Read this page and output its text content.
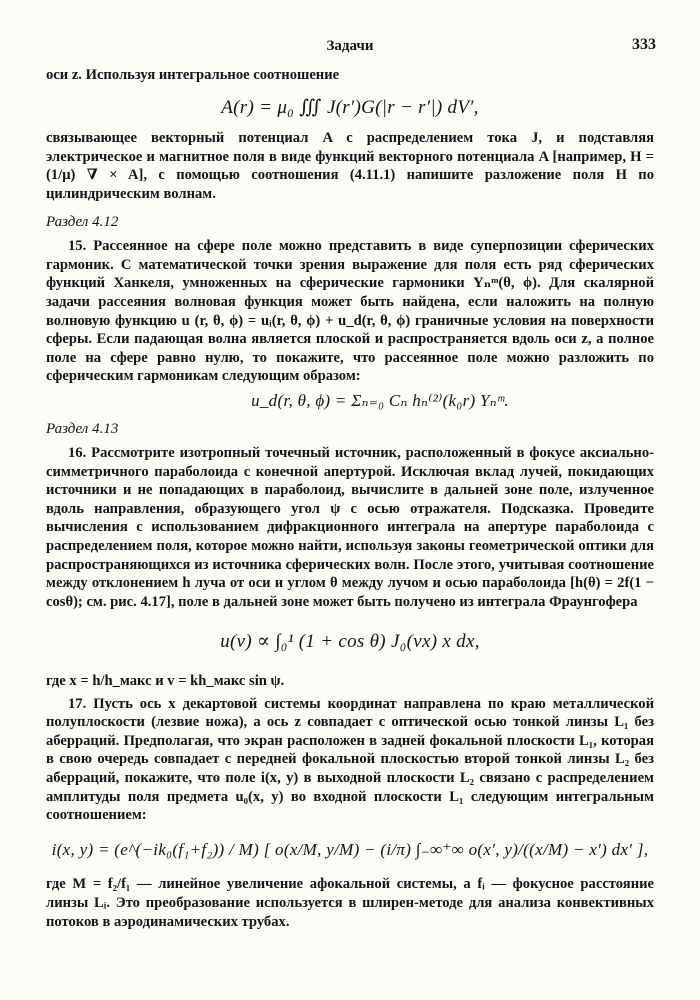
Задачи	333

оси z. Используя интегральное соотношение

A(r) = μ₀ ∭ J(r′)G(|r − r′|) dV′,

связывающее векторный потенциал A с распределением тока J, и подставляя электрическое и магнитное поля в виде функций векторного потенциала A [например, H = (1/μ) ∇ × A], с помощью соотношения (4.11.1) напишите разложение поля H по цилиндрическим волнам.

Раздел 4.12

15. Рассеянное на сфере поле можно представить в виде суперпозиции сферических гармоник. С математической точки зрения выражение для поля есть ряд сферических функций Ханкеля, умноженных на сферические гармоники Yₙᵐ(θ, ϕ). Для скалярной задачи рассеяния волновая функция может быть найдена, если наложить на полную волновую функцию u (r, θ, ϕ) = uᵢ(r, θ, ϕ) + u_d(r, θ, ϕ) граничные условия на поверхности сферы. Если падающая волна является плоской и распространяется вдоль оси z, а полное поле на сфере равно нулю, то покажите, что рассеянное поле можно разложить по сферическим гармоникам следующим образом:

u_d(r, θ, ϕ) = Σₙ₌₀ Cₙ hₙ⁽²⁾(k₀r) Yₙᵐ.

Раздел 4.13

16. Рассмотрите изотропный точечный источник, расположенный в фокусе аксиально-симметричного параболоида с конечной апертурой. Исключая вклад лучей, покидающих источники и не попадающих в параболоид, вычислите в дальней зоне поле, излученное вдоль направления, образующего угол ψ с осью отражателя. Подсказка. Проведите вычисления с использованием дифракционного интеграла на апертуре параболоида с распределением поля, которое можно найти, используя законы геометрической оптики для распространяющихся из источника сферических волн. После этого, учитывая соотношение между отклонением h луча от оси и углом θ между лучом и осью параболоида [h(θ) = 2f(1 − cosθ); см. рис. 4.17], поле в дальней зоне может быть получено из интеграла Фраунгофера

u(v) ∝ ∫₀¹ (1 + cos θ) J₀(vx) x dx,

где x = h/h_макс и v = kh_макс sin ψ.

17. Пусть ось x декартовой системы координат направлена по краю металлической полуплоскости (лезвие ножа), а ось z совпадает с оптической осью тонкой линзы L₁ без аберраций. Предполагая, что экран расположен в задней фокальной плоскости L₁, которая в свою очередь совпадает с передней фокальной плоскостью второй тонкой линзы L₂ без аберраций, покажите, что поле i(x, y) в выходной плоскости L₂ связано с распределением амплитуды поля предмета u₀(x, y) во входной плоскости L₁ следующим интегральным соотношением:

i(x, y) = (e^(−ik₀(f₁+f₂)) / M) [ o(x/M, y/M) − (i/π) ∫₋∞⁺∞ o(x′, y)/((x/M) − x′) dx′ ],

где M = f₂/f₁ — линейное увеличение афокальной системы, а fᵢ — фокусное расстояние линзы Lᵢ. Это преобразование используется в шлирен-методе для анализа конвективных потоков в аэродинамических трубах.
